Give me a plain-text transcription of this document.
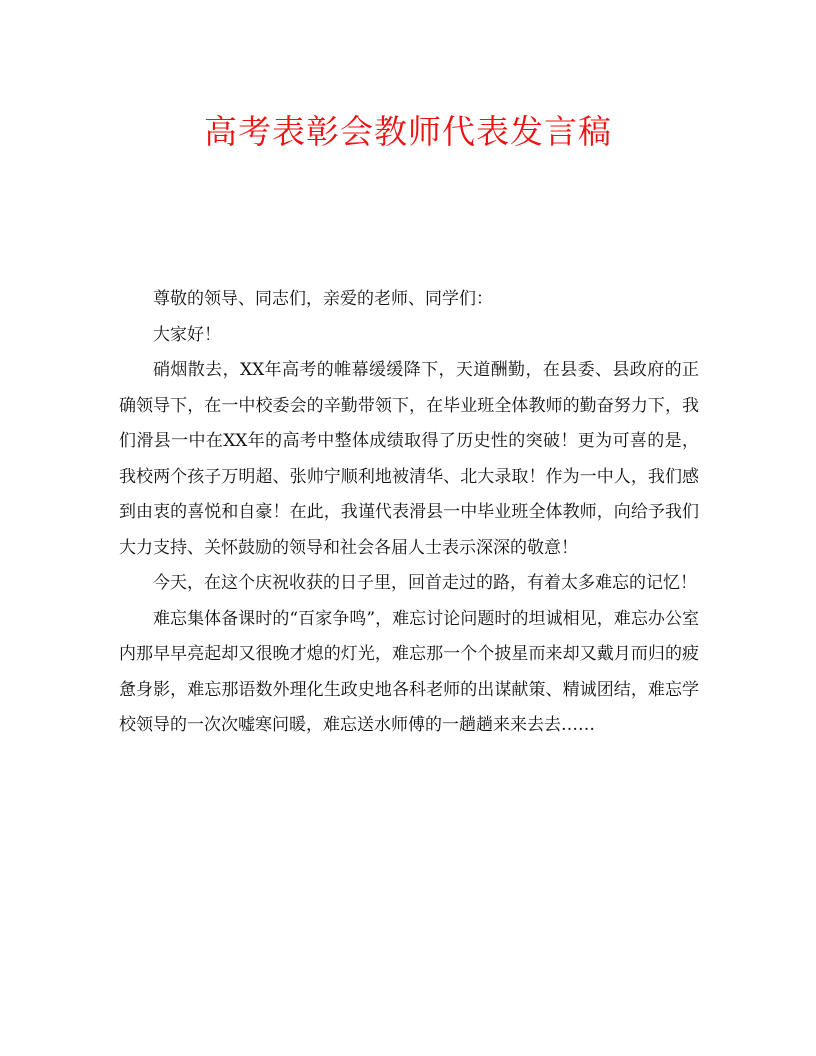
高考表彰会教师代表发言稿

尊敬的领导、同志们，亲爱的老师、同学们：

大家好！

硝烟散去，XX年高考的帷幕缓缓降下，天道酬勤，在县委、县政府的正确领导下，在一中校委会的辛勤带领下，在毕业班全体教师的勤奋努力下，我们滑县一中在XX年的高考中整体成绩取得了历史性的突破！更为可喜的是，我校两个孩子万明超、张帅宁顺利地被清华、北大录取！作为一中人，我们感到由衷的喜悦和自豪！在此，我谨代表滑县一中毕业班全体教师，向给予我们大力支持、关怀鼓励的领导和社会各届人士表示深深的敬意！

今天，在这个庆祝收获的日子里，回首走过的路，有着太多难忘的记忆！

难忘集体备课时的“百家争鸣”，难忘讨论问题时的坦诚相见，难忘办公室内那早早亮起却又很晚才熄的灯光，难忘那一个个披星而来却又戴月而归的疲惫身影，难忘那语数外理化生政史地各科老师的出谋献策、精诚团结，难忘学校领导的一次次嘘寒问暖，难忘送水师傅的一趟趟来来去去……
